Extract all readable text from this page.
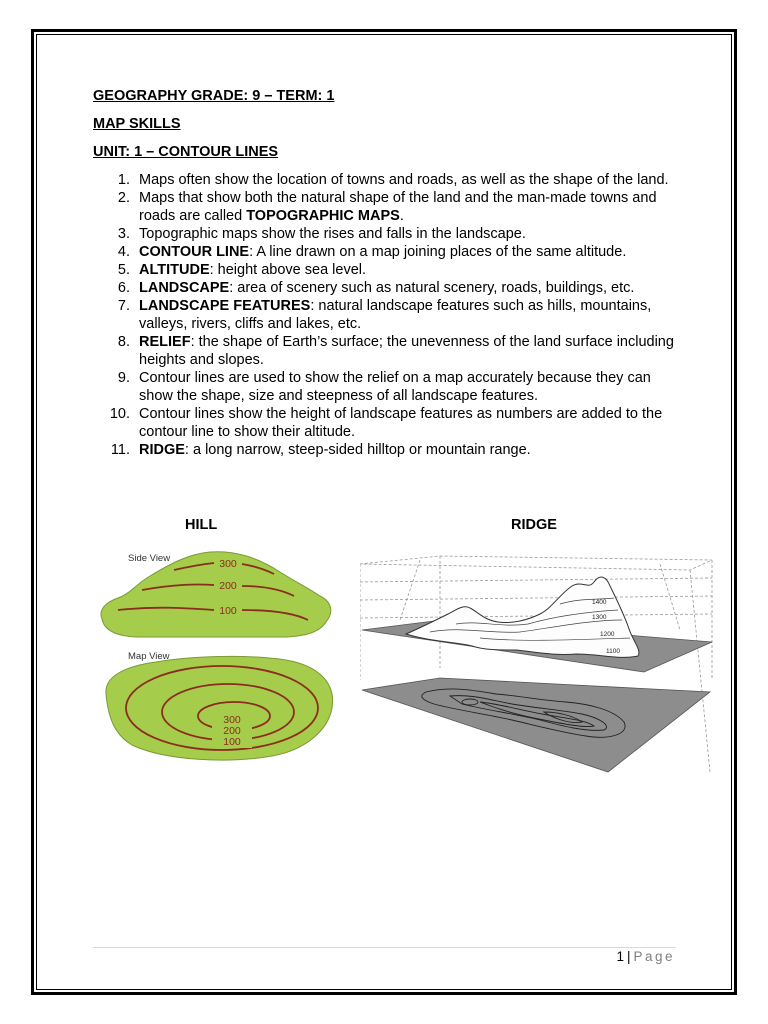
GEOGRAPHY GRADE: 9 – TERM: 1
MAP SKILLS
UNIT: 1 – CONTOUR LINES
1. Maps often show the location of towns and roads, as well as the shape of the land.
2. Maps that show both the natural shape of the land and the man-made towns and roads are called TOPOGRAPHIC MAPS.
3. Topographic maps show the rises and falls in the landscape.
4. CONTOUR LINE: A line drawn on a map joining places of the same altitude.
5. ALTITUDE: height above sea level.
6. LANDSCAPE: area of scenery such as natural scenery, roads, buildings, etc.
7. LANDSCAPE FEATURES: natural landscape features such as hills, mountains, valleys, rivers, cliffs and lakes, etc.
8. RELIEF: the shape of Earth’s surface; the unevenness of the land surface including heights and slopes.
9. Contour lines are used to show the relief on a map accurately because they can show the shape, size and steepness of all landscape features.
10. Contour lines show the height of landscape features as numbers are added to the contour line to show their altitude.
11. RIDGE: a long narrow, steep-sided hilltop or mountain range.
HILL	RIDGE
Side View	300
200
100
Map View
300
200
100
1400
1300
1200
1100
1 | Page
